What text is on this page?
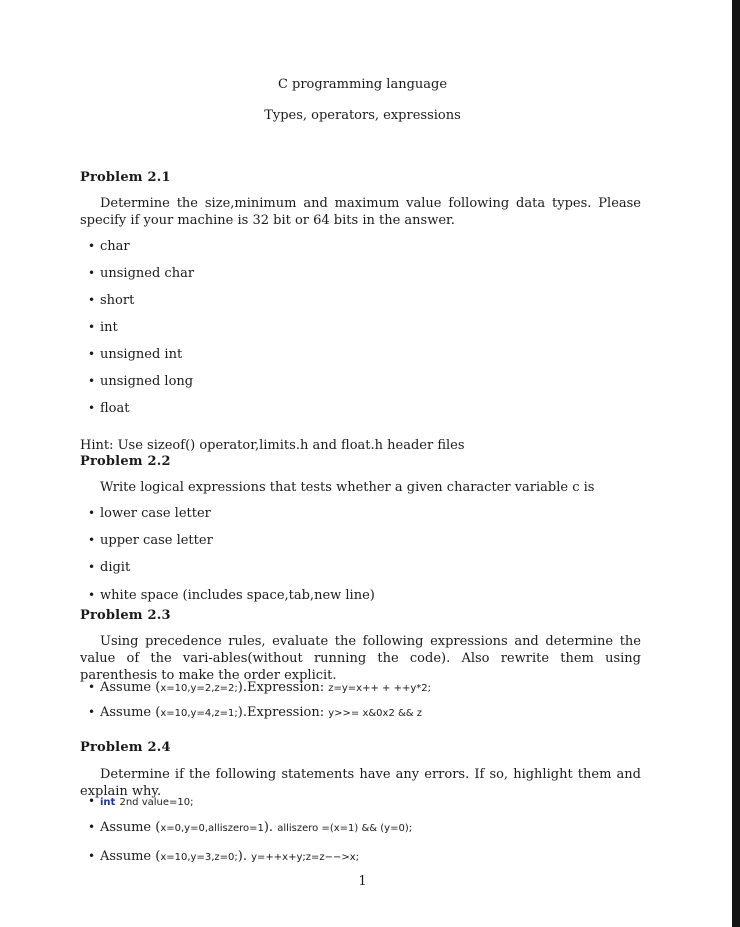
C programming language
Types, operators, expressions
Problem 2.1
Determine the size,minimum and maximum value following data types. Please specify if your machine is 32 bit or 64 bits in the answer.
• char
• unsigned char
• short
• int
• unsigned int
• unsigned long
• float
Hint: Use sizeof() operator,limits.h and float.h header files
Problem 2.2
Write logical expressions that tests whether a given character variable c is
• lower case letter
• upper case letter
• digit
• white space (includes space,tab,new line)
Problem 2.3
Using precedence rules, evaluate the following expressions and determine the value of the vari-ables(without running the code). Also rewrite them using parenthesis to make the order explicit.
• Assume (x=10,y=2,z=2;).Expression: z=y=x++ + ++y*2;
• Assume (x=10,y=4,z=1;).Expression: y>>= x&0x2 && z
Problem 2.4
Determine if the following statements have any errors. If so, highlight them and explain why.
• int 2nd value=10;
• Assume (x=0,y=0,alliszero=1). alliszero =(x=1) && (y=0);
• Assume (x=10,y=3,z=0;). y=++x+y;z=z−−>x;
1
